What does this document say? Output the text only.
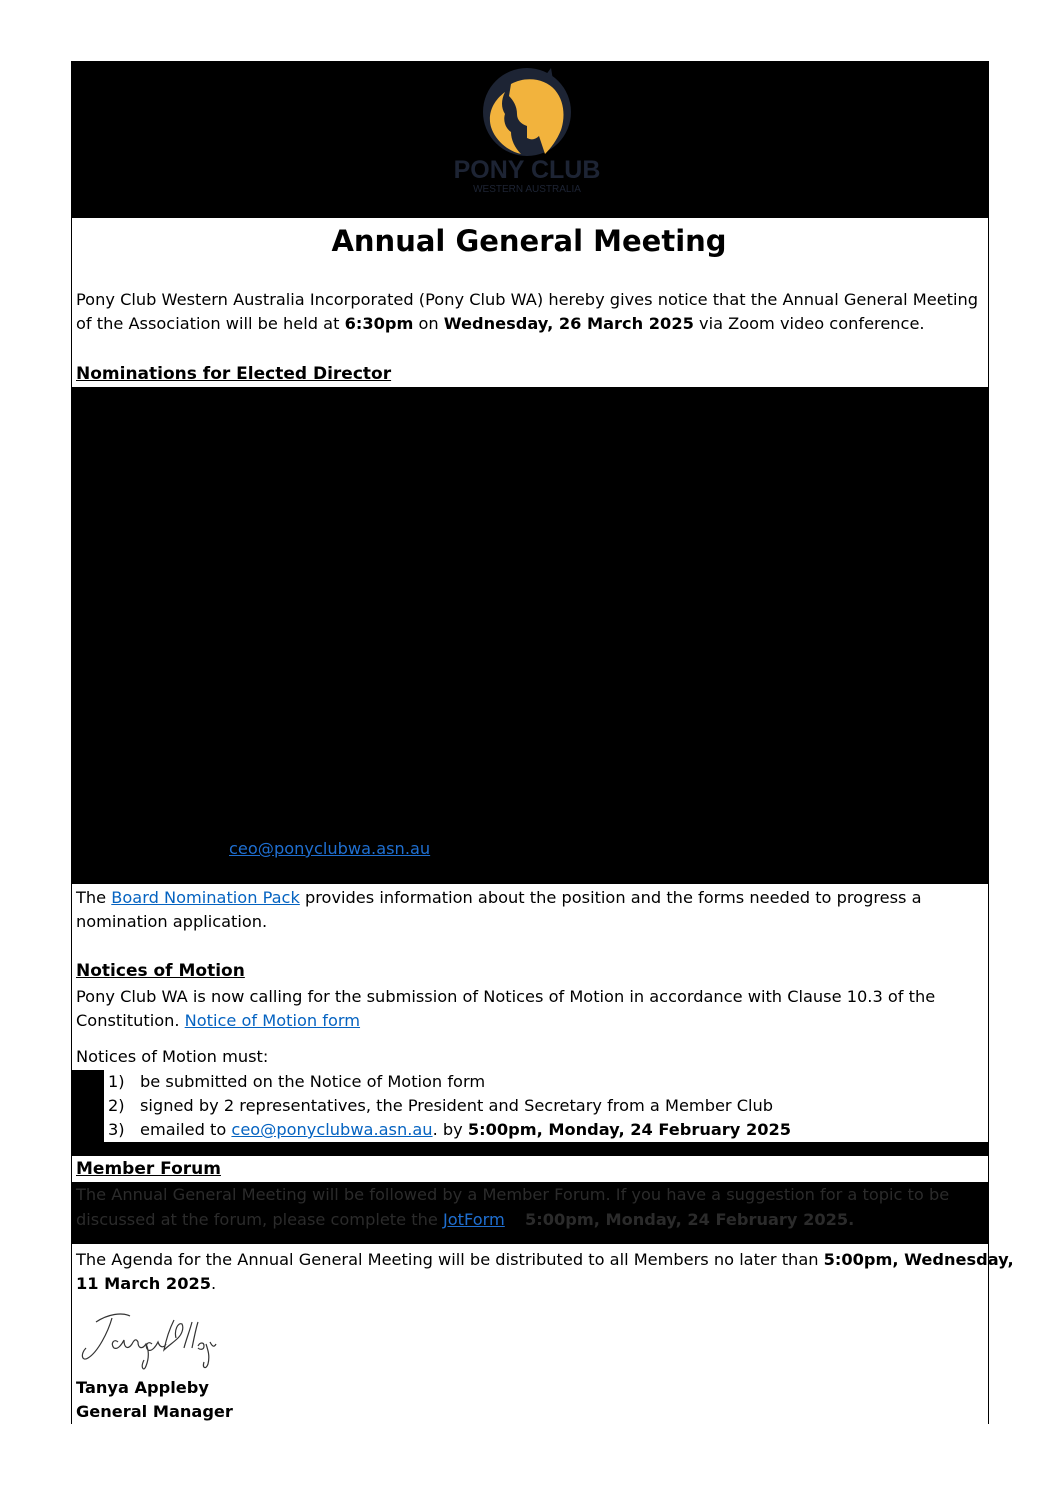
PONY CLUB
WESTERN AUSTRALIA
Annual General Meeting
Pony Club Western Australia Incorporated (Pony Club WA) hereby gives notice that the Annual General Meeting
of the Association will be held at 6:30pm on Wednesday, 26 March 2025 via Zoom video conference.
Nominations for Elected Director
ceo@ponyclubwa.asn.au
The Board Nomination Pack provides information about the position and the forms needed to progress a
nomination application.
Notices of Motion
Pony Club WA is now calling for the submission of Notices of Motion in accordance with Clause 10.3 of the
Constitution. Notice of Motion form
Notices of Motion must:
1) be submitted on the Notice of Motion form
2) signed by 2 representatives, the President and Secretary from a Member Club
3) emailed to ceo@ponyclubwa.asn.au. by 5:00pm, Monday, 24 February 2025
Member Forum
The Annual General Meeting will be followed by a Member Forum. If you have a suggestion for a topic to be
discussed at the forum, please complete the JotForm 5:00pm, Monday, 24 February 2025.
The Agenda for the Annual General Meeting will be distributed to all Members no later than 5:00pm, Wednesday,
11 March 2025.
Tanya Appleby
General Manager
